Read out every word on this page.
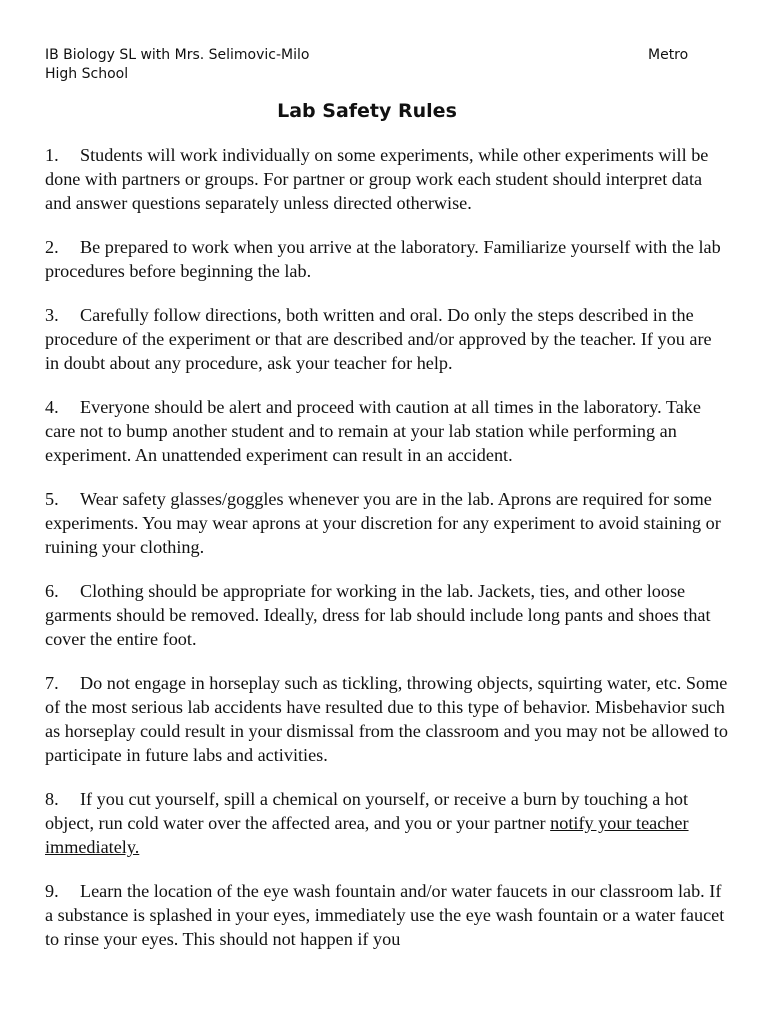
IB Biology SL with Mrs. Selimovic-Milo	Metro
High School
Lab Safety Rules
1. Students will work individually on some experiments, while other experiments will be done with partners or groups. For partner or group work each student should interpret data and answer questions separately unless directed otherwise.
2. Be prepared to work when you arrive at the laboratory. Familiarize yourself with the lab procedures before beginning the lab.
3. Carefully follow directions, both written and oral. Do only the steps described in the procedure of the experiment or that are described and/or approved by the teacher. If you are in doubt about any procedure, ask your teacher for help.
4. Everyone should be alert and proceed with caution at all times in the laboratory. Take care not to bump another student and to remain at your lab station while performing an experiment. An unattended experiment can result in an accident.
5. Wear safety glasses/goggles whenever you are in the lab. Aprons are required for some experiments. You may wear aprons at your discretion for any experiment to avoid staining or ruining your clothing.
6. Clothing should be appropriate for working in the lab. Jackets, ties, and other loose garments should be removed. Ideally, dress for lab should include long pants and shoes that cover the entire foot.
7. Do not engage in horseplay such as tickling, throwing objects, squirting water, etc. Some of the most serious lab accidents have resulted due to this type of behavior. Misbehavior such as horseplay could result in your dismissal from the classroom and you may not be allowed to participate in future labs and activities.
8. If you cut yourself, spill a chemical on yourself, or receive a burn by touching a hot object, run cold water over the affected area, and you or your partner notify your teacher immediately.
9. Learn the location of the eye wash fountain and/or water faucets in our classroom lab. If a substance is splashed in your eyes, immediately use the eye wash fountain or a water faucet to rinse your eyes. This should not happen if you
